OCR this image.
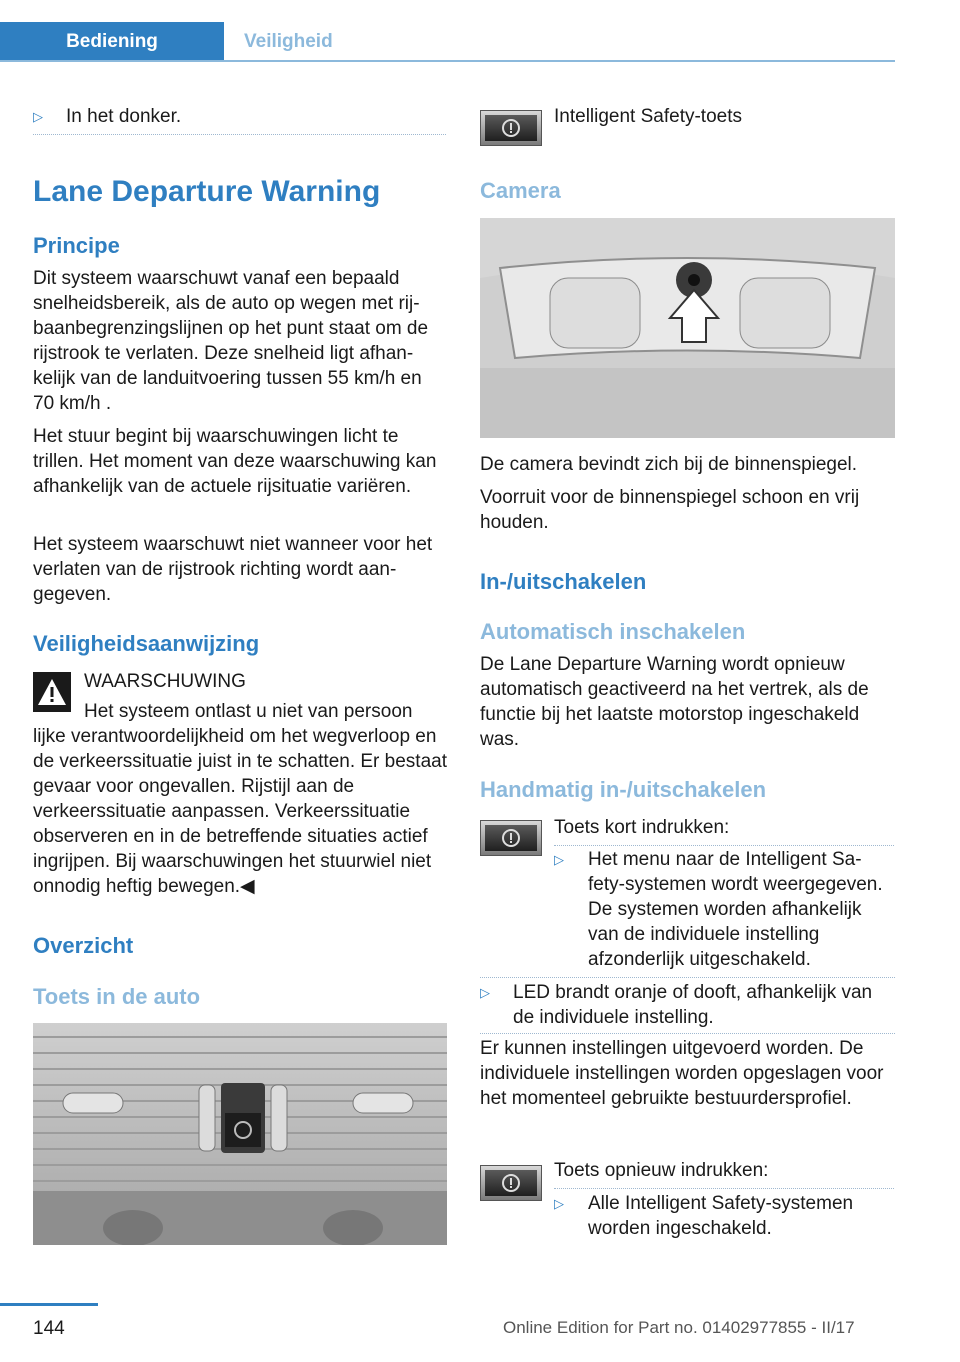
Bediening	Veiligheid
▷ In het donker.

Lane Departure Warning
Principe

Dit systeem waarschuwt vanaf een bepaald snelheidsbereik, als de auto op wegen met rijbaanbegrenzingslijnen op het punt staat om de rijstrook te verlaten. Deze snelheid ligt afhankelijk van de landuitvoering tussen 55 km/h en 70 km/h .

Het stuur begint bij waarschuwingen licht te trillen. Het moment van deze waarschuwing kan afhankelijk van de actuele rijsituatie variëren.

Het systeem waarschuwt niet wanneer voor het verlaten van de rijstrook richting wordt aangegeven.

Veiligheidsaanwijzing

WAARSCHUWING

Het systeem ontlast u niet van persoon

lijke verantwoordelijkheid om het wegverloop en de verkeerssituatie juist in te schatten. Er bestaat gevaar voor ongevallen. Rijstijl aan de verkeerssituatie aanpassen. Verkeerssituatie observeren en in de betreffende situaties actief ingrijpen. Bij waarschuwingen het stuurwiel niet onnodig heftig bewegen.◀

Overzicht
Toets in de auto

Intelligent Safety-toets

Camera

De camera bevindt zich bij de binnenspiegel.

Voorruit voor de binnenspiegel schoon en vrij houden.

In-/uitschakelen
Automatisch inschakelen

De Lane Departure Warning wordt opnieuw automatisch geactiveerd na het vertrek, als de functie bij het laatste motorstop ingeschakeld was.

Handmatig in-/uitschakelen

Toets kort indrukken:

▷ Het menu naar de Intelligent Safety-systemen wordt weergegeven. De systemen worden afhankelijk van de individuele instelling afzonderlijk uitgeschakeld.

▷ LED brandt oranje of dooft, afhankelijk van de individuele instelling.

Er kunnen instellingen uitgevoerd worden. De individuele instellingen worden opgeslagen voor het momenteel gebruikte bestuurdersprofiel.

Toets opnieuw indrukken:

▷ Alle Intelligent Safety-systemen worden ingeschakeld.

144	Online Edition for Part no. 01402977855 - II/17
